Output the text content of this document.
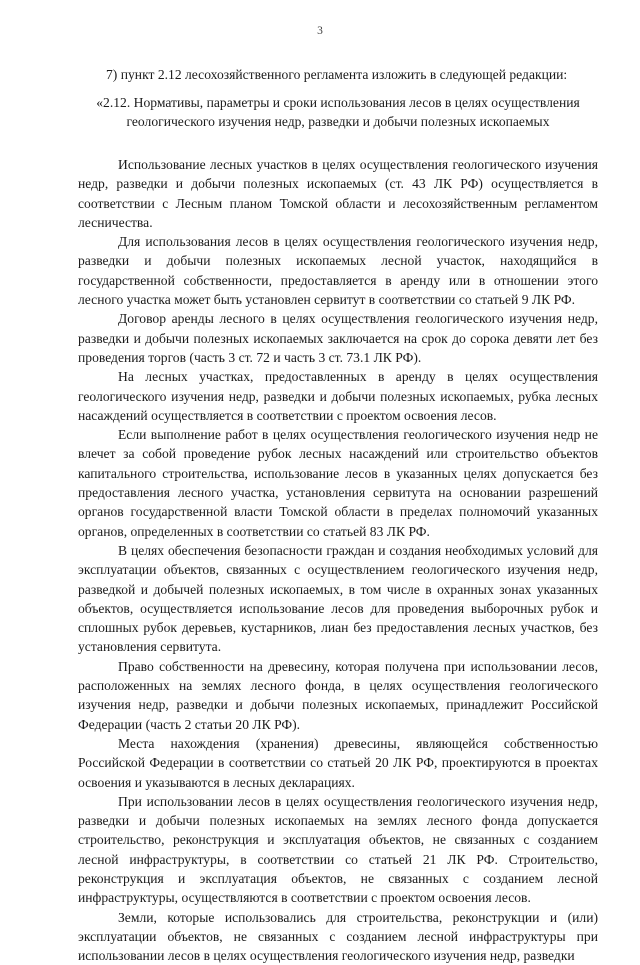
3
7) пункт 2.12 лесохозяйственного регламента изложить в следующей редакции:
«2.12. Нормативы, параметры и сроки использования лесов в целях осуществления геологического изучения недр, разведки и добычи полезных ископаемых

Использование лесных участков в целях осуществления геологического изучения недр, разведки и добычи полезных ископаемых (ст. 43 ЛК РФ) осуществляется в соответствии с Лесным планом Томской области и лесохозяйственным регламентом лесничества.

Для использования лесов в целях осуществления геологического изучения недр, разведки и добычи полезных ископаемых лесной участок, находящийся в государственной собственности, предоставляется в аренду или в отношении этого лесного участка может быть установлен сервитут в соответствии со статьей 9 ЛК РФ.

Договор аренды лесного в целях осуществления геологического изучения недр, разведки и добычи полезных ископаемых заключается на срок до сорока девяти лет без проведения торгов (часть 3 ст. 72 и часть 3 ст. 73.1 ЛК РФ).

На лесных участках, предоставленных в аренду в целях осуществления геологического изучения недр, разведки и добычи полезных ископаемых, рубка лесных насаждений осуществляется в соответствии с проектом освоения лесов.

Если выполнение работ в целях осуществления геологического изучения недр не влечет за собой проведение рубок лесных насаждений или строительство объектов капитального строительства, использование лесов в указанных целях допускается без предоставления лесного участка, установления сервитута на основании разрешений органов государственной власти Томской области в пределах полномочий указанных органов, определенных в соответствии со статьей 83 ЛК РФ.

В целях обеспечения безопасности граждан и создания необходимых условий для эксплуатации объектов, связанных с осуществлением геологического изучения недр, разведкой и добычей полезных ископаемых, в том числе в охранных зонах указанных объектов, осуществляется использование лесов для проведения выборочных рубок и сплошных рубок деревьев, кустарников, лиан без предоставления лесных участков, без установления сервитута.

Право собственности на древесину, которая получена при использовании лесов, расположенных на землях лесного фонда, в целях осуществления геологического изучения недр, разведки и добычи полезных ископаемых, принадлежит Российской Федерации (часть 2 статьи 20 ЛК РФ).

Места нахождения (хранения) древесины, являющейся собственностью Российской Федерации в соответствии со статьей 20 ЛК РФ, проектируются в проектах освоения и указываются в лесных декларациях.

При использовании лесов в целях осуществления геологического изучения недр, разведки и добычи полезных ископаемых на землях лесного фонда допускается строительство, реконструкция и эксплуатация объектов, не связанных с созданием лесной инфраструктуры, в соответствии со статьей 21 ЛК РФ. Строительство, реконструкция и эксплуатация объектов, не связанных с созданием лесной инфраструктуры, осуществляются в соответствии с проектом освоения лесов.

Земли, которые использовались для строительства, реконструкции и (или) эксплуатации объектов, не связанных с созданием лесной инфраструктуры при использовании лесов в целях осуществления геологического изучения недр, разведки
